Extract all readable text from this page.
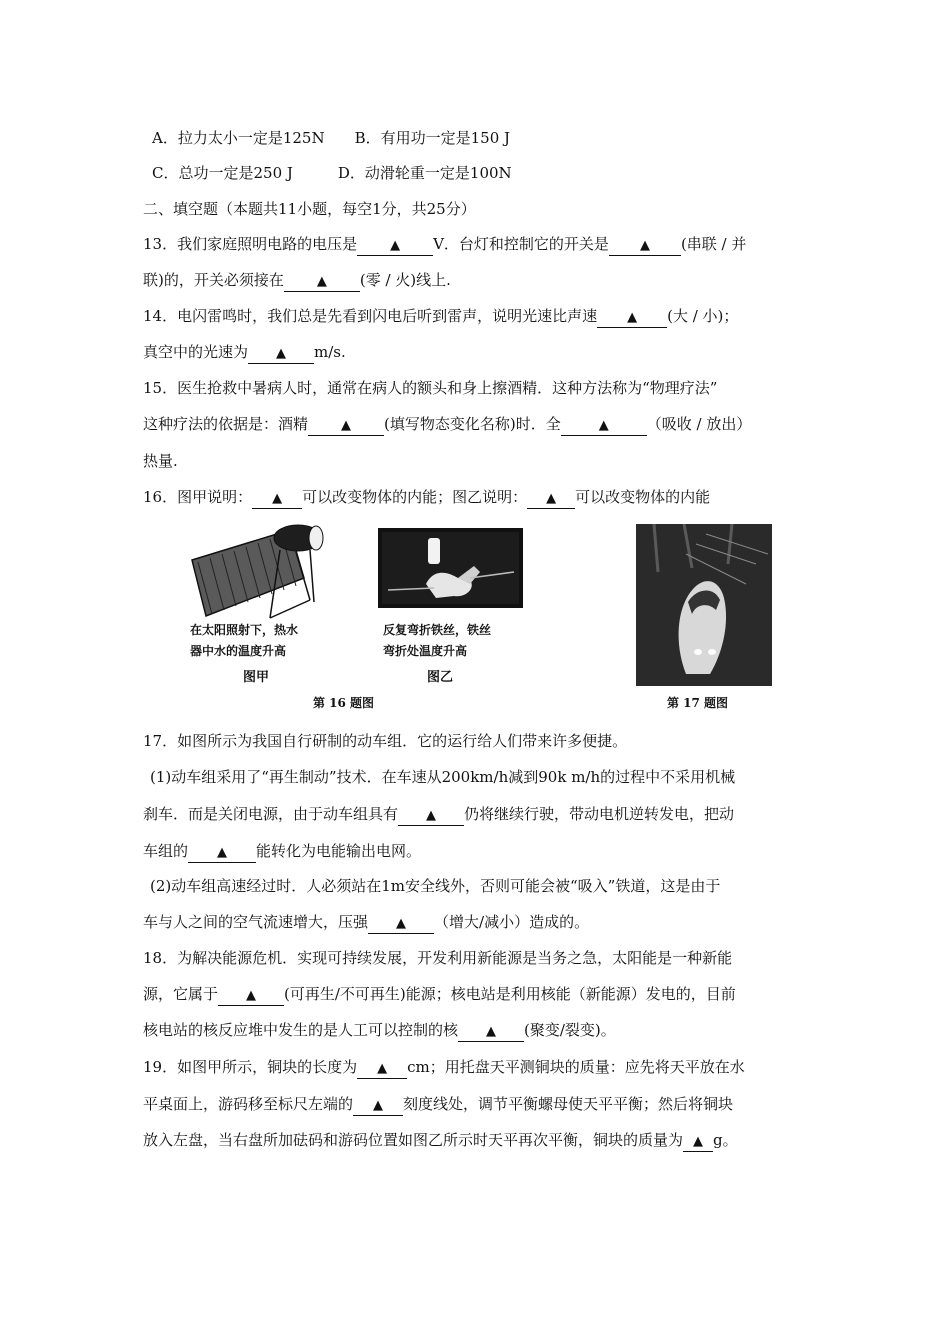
A．拉力太小一定是125N　　B．有用功一定是150 J
C．总功一定是250 J　　　D．动滑轮重一定是100N
二、填空题（本题共11小题，每空1分，共25分）
13．我们家庭照明电路的电压是	▲ V．台灯和控制它的开关是 ▲ (串联 / 并
联)的，开关必须接在	▲ (零 / 火)线上.
14．电闪雷鸣时，我们总是先看到闪电后听到雷声，说明光速比声速 ▲ (大 / 小)；
真空中的光速为 ▲ m/s.
15．医生抢救中暑病人时，通常在病人的额头和身上擦酒精．这种方法称为“物理疗法”
这种疗法的依据是：酒精	▲ (填写物态变化名称)时．全	▲	（吸收 / 放出）
热量.
16．图甲说明： ▲ 可以改变物体的内能；图乙说明： ▲ 可以改变物体的内能
在太阳照射下，热水
器中水的温度升高
图甲
反复弯折铁丝，铁丝
弯折处温度升高
图乙
第 16 题图	第 17 题图
17．如图所示为我国自行研制的动车组．它的运行给人们带来许多便捷。
(1)动车组采用了“再生制动”技术．在车速从200km/h减到90k m/h的过程中不采用机械
刹车．而是关闭电源，由于动车组具有 ▲ 仍将继续行驶，带动电机逆转发电，把动
车组的 ▲ 能转化为电能输出电网。
(2)动车组高速经过时．人必须站在1m安全线外，否则可能会被“吸入”铁道，这是由于
车与人之间的空气流速增大，压强 ▲ （增大/减小）造成的。
18．为解决能源危机．实现可持续发展，开发利用新能源是当务之急，太阳能是一种新能
源，它属于 ▲ (可再生/不可再生)能源；核电站是利用核能（新能源）发电的，目前
核电站的核反应堆中发生的是人工可以控制的核 ▲ (聚变/裂变)。
19．如图甲所示，铜块的长度为 ▲ cm；用托盘天平测铜块的质量：应先将天平放在水
平桌面上，游码移至标尺左端的 ▲ 刻度线处，调节平衡螺母使天平平衡；然后将铜块
放入左盘，当右盘所加砝码和游码位置如图乙所示时天平再次平衡，铜块的质量为 ▲ g。
